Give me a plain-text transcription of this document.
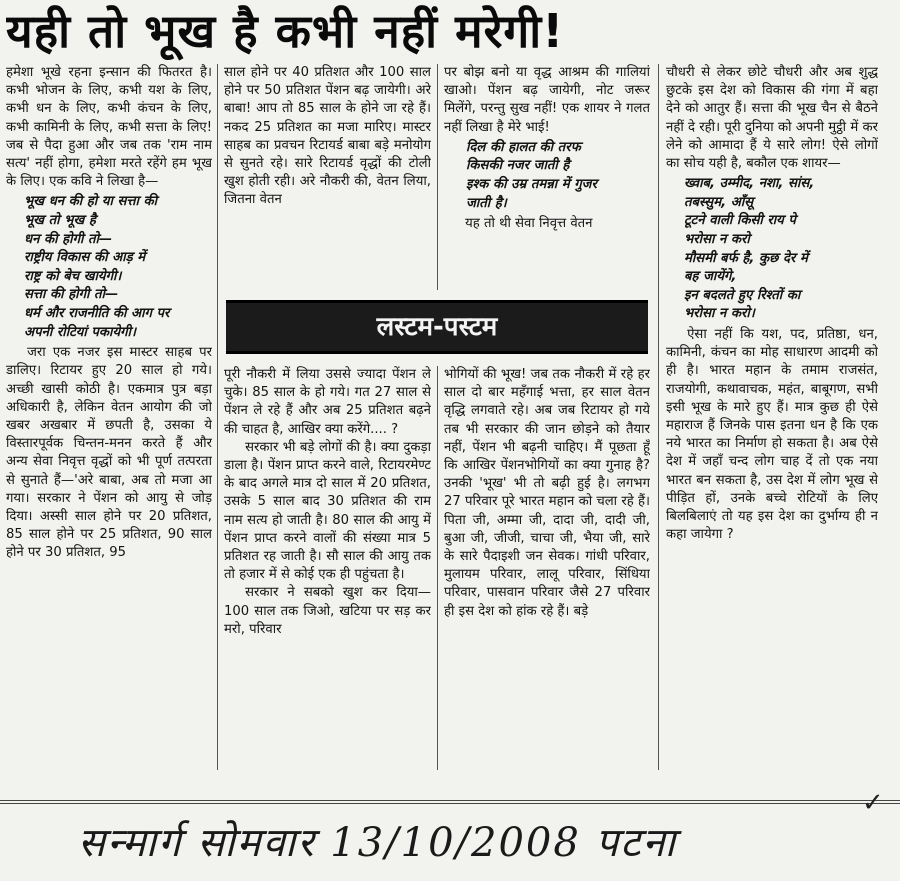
यही तो भूख है कभी नहीं मरेगी!

हमेशा भूखे रहना इन्सान की फितरत है। कभी भोजन के लिए, कभी यश के लिए, कभी धन के लिए, कभी कंचन के लिए, कभी कामिनी के लिए, कभी सत्ता के लिए! जब से पैदा हुआ और जब तक 'राम नाम सत्य' नहीं होगा, हमेशा मरते रहेंगे हम भूख के लिए। एक कवि ने लिखा है—

भूख धन की हो या सत्ता की
भूख तो भूख है
धन की होगी तो—
राष्ट्रीय विकास की आड़ में
राष्ट्र को बेच खायेगी।
सत्ता की होगी तो—
धर्म और राजनीति की आग पर
अपनी रोटियां पकायेगी।

जरा एक नजर इस मास्टर साहब पर डालिए। रिटायर हुए 20 साल हो गये। अच्छी खासी कोठी है। एकमात्र पुत्र बड़ा अधिकारी है, लेकिन वेतन आयोग की जो खबर अखबार में छपती है, उसका ये विस्तारपूर्वक चिन्तन-मनन करते हैं और अन्य सेवा निवृत्त वृद्धों को भी पूर्ण तत्परता से सुनाते हैं—'अरे बाबा, अब तो मजा आ गया। सरकार ने पेंशन को आयु से जोड़ दिया। अस्सी साल होने पर 20 प्रतिशत, 85 साल होने पर 25 प्रतिशत, 90 साल होने पर 30 प्रतिशत, 95

साल होने पर 40 प्रतिशत और 100 साल होने पर 50 प्रतिशत पेंशन बढ़ जायेगी। अरे बाबा! आप तो 85 साल के होने जा रहे हैं। नकद 25 प्रतिशत का मजा मारिए। मास्टर साहब का प्रवचन रिटायर्ड बाबा बड़े मनोयोग से सुनते रहे। सारे रिटायर्ड वृद्धों की टोली खुश होती रही। अरे नौकरी की, वेतन लिया, जितना वेतन

पर बोझ बनो या वृद्ध आश्रम की गालियां खाओ। पेंशन बढ़ जायेगी, नोट जरूर मिलेंगे, परन्तु सुख नहीं! एक शायर ने गलत नहीं लिखा है मेरे भाई!

दिल की हालत की तरफ
किसकी नजर जाती है
इश्क की उम्र तमन्ना में गुजर
जाती है।

यह तो थी सेवा निवृत्त वेतन

लस्टम-पस्टम

पूरी नौकरी में लिया उससे ज्यादा पेंशन ले चुके। 85 साल के हो गये। गत 27 साल से पेंशन ले रहे हैं और अब 25 प्रतिशत बढ़ने की चाहत है, आखिर क्या करेंगे.... ?

सरकार भी बड़े लोगों की है। क्या दुकड़ा डाला है। पेंशन प्राप्त करने वाले, रिटायरमेण्ट के बाद अगले मात्र दो साल में 20 प्रतिशत, उसके 5 साल बाद 30 प्रतिशत की राम नाम सत्य हो जाती है। 80 साल की आयु में पेंशन प्राप्त करने वालों की संख्या मात्र 5 प्रतिशत रह जाती है। सौ साल की आयु तक तो हजार में से कोई एक ही पहुंचता है।

सरकार ने सबको खुश कर दिया—100 साल तक जिओ, खटिया पर सड़ कर मरो, परिवार

भोगियों की भूख! जब तक नौकरी में रहे हर साल दो बार महँगाई भत्ता, हर साल वेतन वृद्धि लगवाते रहे। अब जब रिटायर हो गये तब भी सरकार की जान छोड़ने को तैयार नहीं, पेंशन भी बढ़नी चाहिए। मैं पूछता हूँ कि आखिर पेंशनभोगियों का क्या गुनाह है? उनकी 'भूख' भी तो बढ़ी हुई है। लगभग 27 परिवार पूरे भारत महान को चला रहे हैं। पिता जी, अम्मा जी, दादा जी, दादी जी, बुआ जी, जीजी, चाचा जी, भैया जी, सारे के सारे पैदाइशी जन सेवक। गांधी परिवार, मुलायम परिवार, लालू परिवार, सिंधिया परिवार, पासवान परिवार जैसे 27 परिवार ही इस देश को हांक रहे हैं। बड़े

चौधरी से लेकर छोटे चौधरी और अब शुद्ध छुटके इस देश को विकास की गंगा में बहा देने को आतुर हैं। सत्ता की भूख चैन से बैठने नहीं दे रही। पूरी दुनिया को अपनी मुट्ठी में कर लेने को आमादा हैं ये सारे लोग! ऐसे लोगों का सोच यही है, बकौल एक शायर—

ख्वाब, उम्मीद, नशा, सांस,
तबस्सुम, आँसू
टूटने वाली किसी राय पे
भरोसा न करो
मौसमी बर्फ है, कुछ देर में
बह जायेंगे,
इन बदलते हुए रिश्तों का
भरोसा न करो।

ऐसा नहीं कि यश, पद, प्रतिष्ठा, धन, कामिनी, कंचन का मोह साधारण आदमी को ही है। भारत महान के तमाम राजसंत, राजयोगी, कथावाचक, महंत, बाबूगण, सभी इसी भूख के मारे हुए हैं। मात्र कुछ ही ऐसे महाराज हैं जिनके पास इतना धन है कि एक नये भारत का निर्माण हो सकता है। अब ऐसे देश में जहाँ चन्द लोग चाह दें तो एक नया भारत बन सकता है, उस देश में लोग भूख से पीड़ित हों, उनके बच्चे रोटियों के लिए बिलबिलाएं तो यह इस देश का दुर्भाग्य ही न कहा जायेगा ?

✓
सन्मार्ग सोमवार 13/10/2008 पटना
